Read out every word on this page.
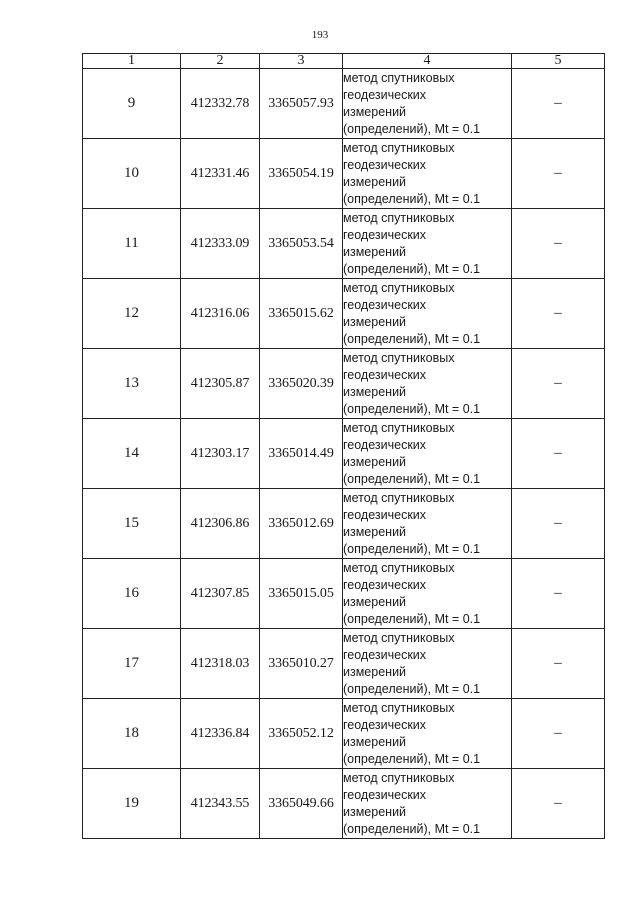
193
1	2	3	4	5
9	412332.78	3365057.93	метод спутниковых
геодезических
измерений
(определений), Mt = 0.1	–
10	412331.46	3365054.19	метод спутниковых
геодезических
измерений
(определений), Mt = 0.1	–
11	412333.09	3365053.54	метод спутниковых
геодезических
измерений
(определений), Mt = 0.1	–
12	412316.06	3365015.62	метод спутниковых
геодезических
измерений
(определений), Mt = 0.1	–
13	412305.87	3365020.39	метод спутниковых
геодезических
измерений
(определений), Mt = 0.1	–
14	412303.17	3365014.49	метод спутниковых
геодезических
измерений
(определений), Mt = 0.1	–
15	412306.86	3365012.69	метод спутниковых
геодезических
измерений
(определений), Mt = 0.1	–
16	412307.85	3365015.05	метод спутниковых
геодезических
измерений
(определений), Mt = 0.1	–
17	412318.03	3365010.27	метод спутниковых
геодезических
измерений
(определений), Mt = 0.1	–
18	412336.84	3365052.12	метод спутниковых
геодезических
измерений
(определений), Mt = 0.1	–
19	412343.55	3365049.66	метод спутниковых
геодезических
измерений
(определений), Mt = 0.1	–
